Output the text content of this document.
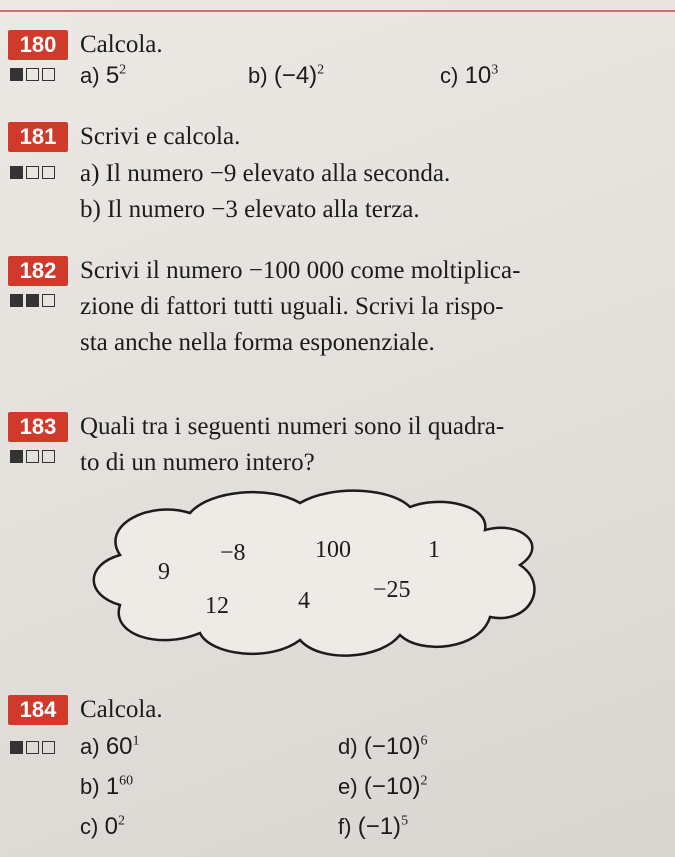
180 Calcola.
a) $5^2$	b) $(-4)^2$	c) $10^3$
181 Scrivi e calcola.
a) Il numero −9 elevato alla seconda.
b) Il numero −3 elevato alla terza.
182 Scrivi il numero −100 000 come moltiplica-
zione di fattori tutti uguali. Scrivi la rispo-
sta anche nella forma esponenziale.
183 Quali tra i seguenti numeri sono il quadra-
to di un numero intero?
−8	100	1
9
12	4	−25
184 Calcola.
a) $60^1$	d) $(-10)^6$
b) $1^{60}$	e) $(-10)^2$
c) $0^2$	f) $(-1)^5$
